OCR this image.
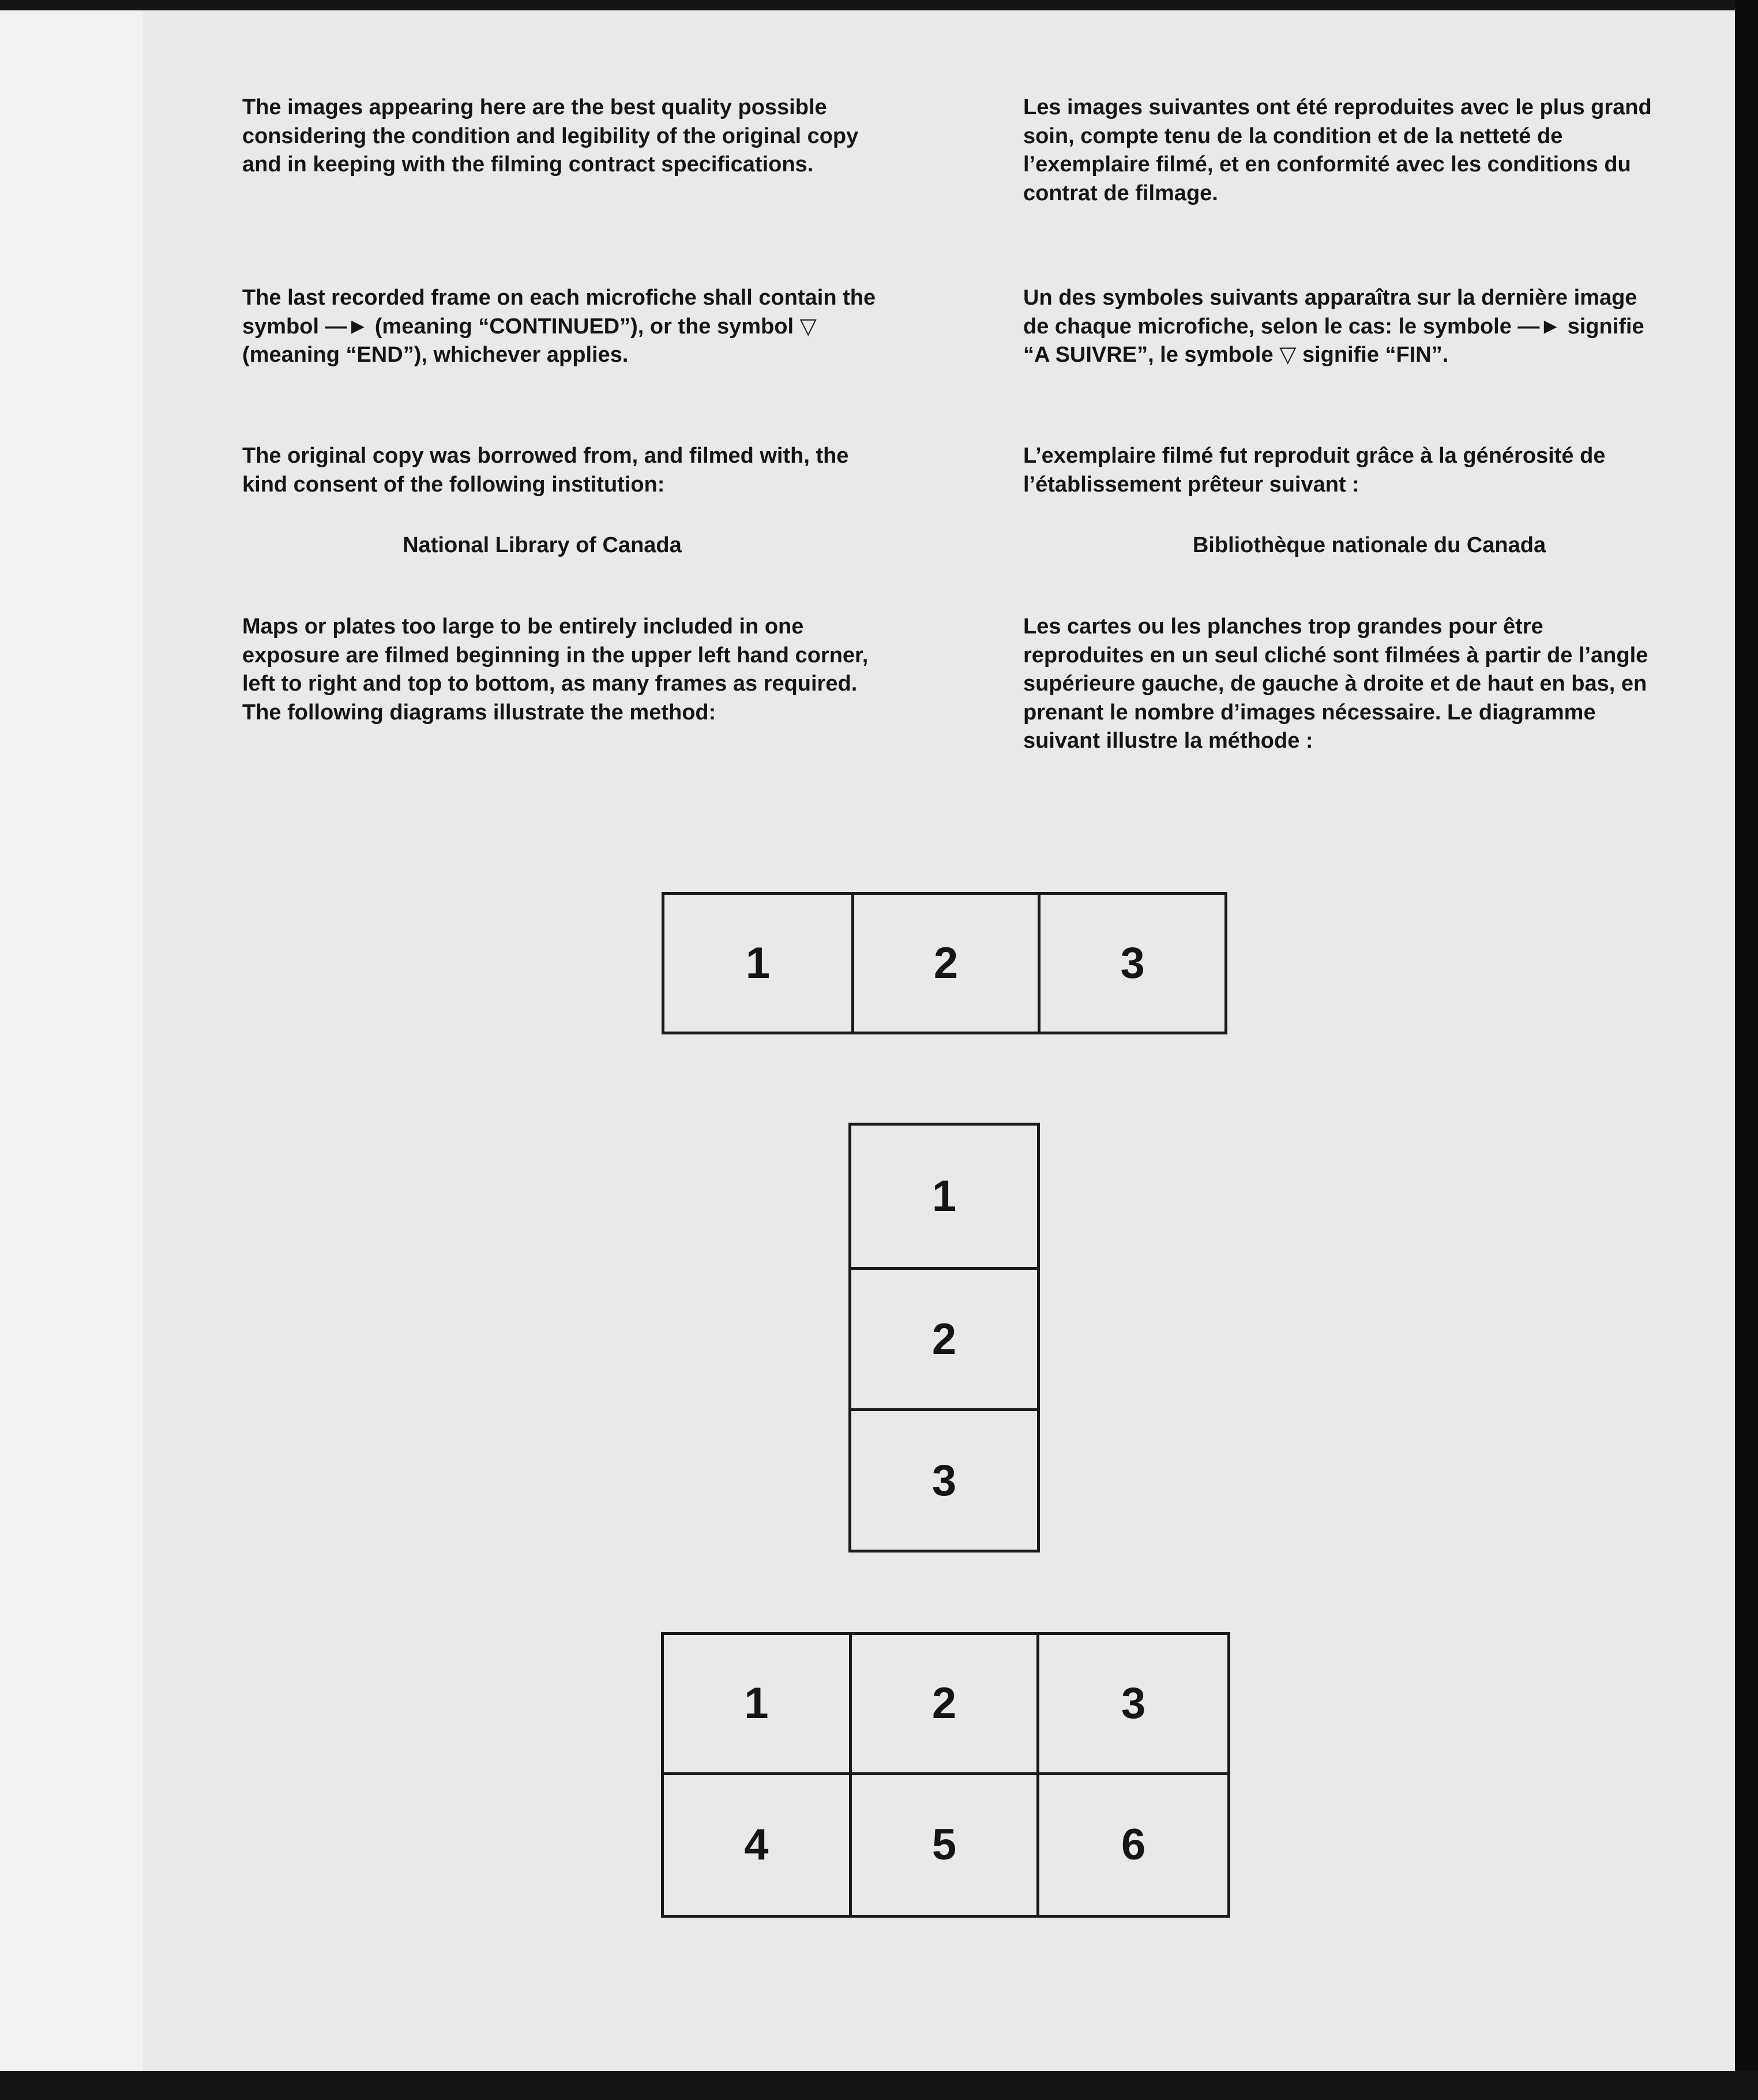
The images appearing here are the best quality possible considering the condition and legibility of the original copy and in keeping with the filming contract specifications.

The last recorded frame on each microfiche shall contain the symbol —► (meaning “CONTINUED”), or the symbol ▽ (meaning “END”), whichever applies.

The original copy was borrowed from, and filmed with, the kind consent of the following institution:

National Library of Canada

Maps or plates too large to be entirely included in one exposure are filmed beginning in the upper left hand corner, left to right and top to bottom, as many frames as required. The following diagrams illustrate the method:

Les images suivantes ont été reproduites avec le plus grand soin, compte tenu de la condition et de la netteté de l’exemplaire filmé, et en conformité avec les conditions du contrat de filmage.

Un des symboles suivants apparaîtra sur la dernière image de chaque microfiche, selon le cas: le symbole —► signifie “A SUIVRE”, le symbole ▽ signifie “FIN”.

L’exemplaire filmé fut reproduit grâce à la générosité de l’établissement prêteur suivant :

Bibliothèque nationale du Canada

Les cartes ou les planches trop grandes pour être reproduites en un seul cliché sont filmées à partir de l’angle supérieure gauche, de gauche à droite et de haut en bas, en prenant le nombre d’images nécessaire. Le diagramme suivant illustre la méthode :

1	2	3
1
2
3
1	2	3
4	5	6
